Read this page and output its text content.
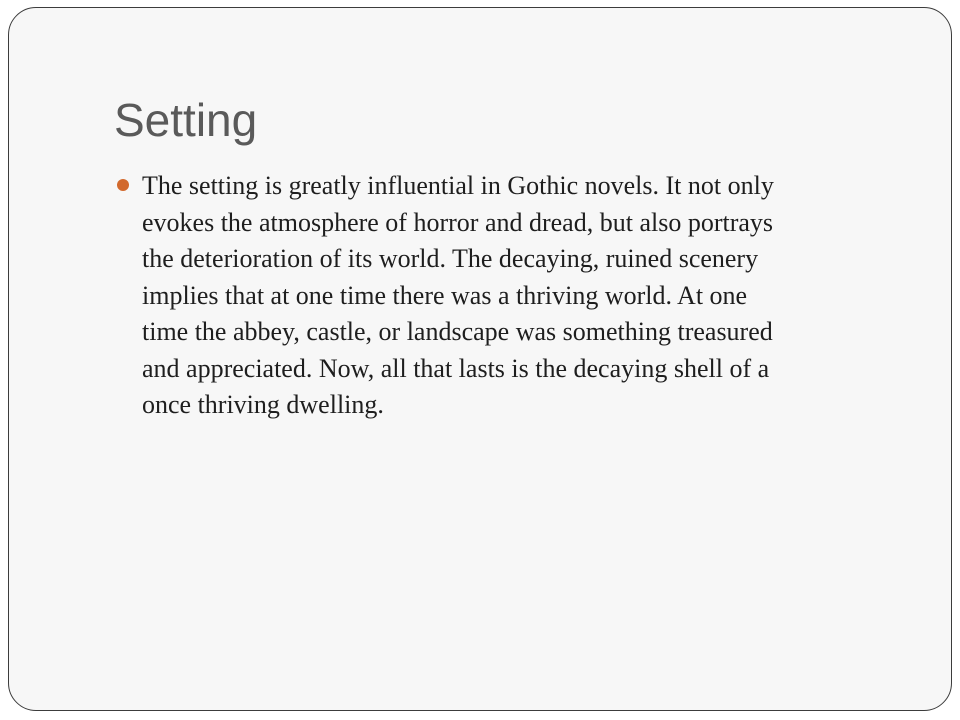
Setting
The setting is greatly influential in Gothic novels. It not only
evokes the atmosphere of horror and dread, but also portrays
the deterioration of its world. The decaying, ruined scenery
implies that at one time there was a thriving world. At one
time the abbey, castle, or landscape was something treasured
and appreciated. Now, all that lasts is the decaying shell of a
once thriving dwelling.
